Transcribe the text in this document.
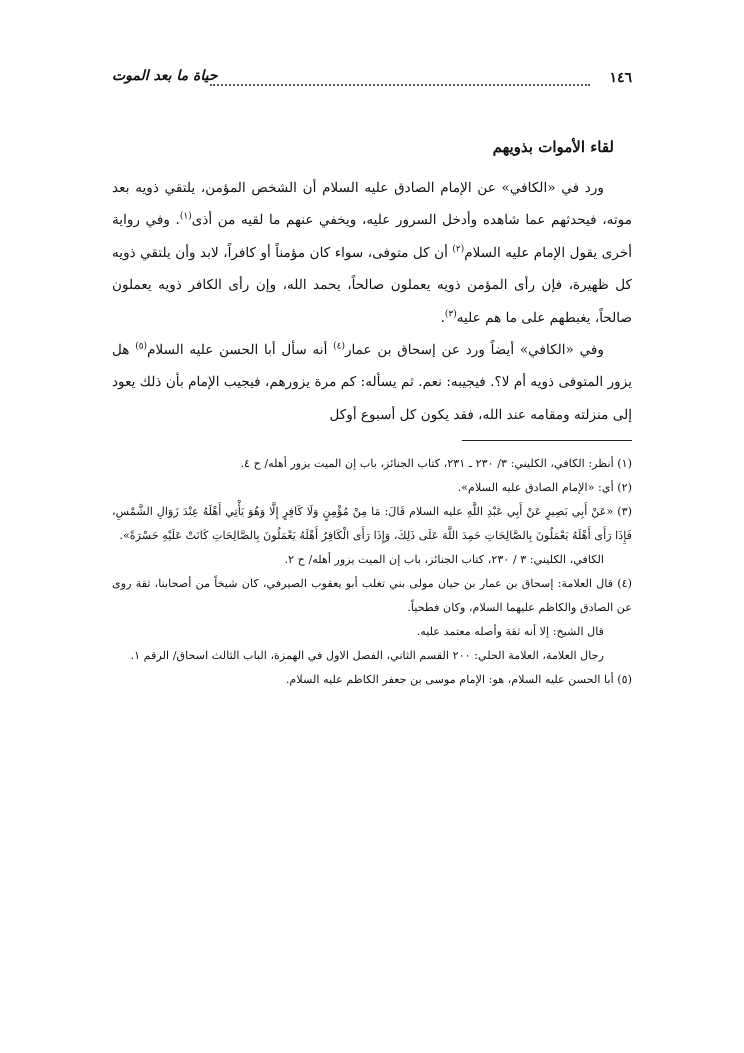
١٤٦
حياة ما بعد الموت
لقاء الأموات بذويهم

ورد في «الكافي» عن الإمام الصادق عليه السلام أن الشخص المؤمن، يلتقي ذويه بعد موته، فيحدثهم عما شاهده وأدخل السرور عليه، ويخفي عنهم ما لقيه من أذى$^{(١)}$. وفي رواية أخرى يقول الإمام عليه السلام$^{(٢)}$ أن كل متوفى، سواء كان مؤمناً أو كافراً، لابد وأن يلتقي ذويه كل ظهيرة، فإن رأى المؤمن ذويه يعملون صالحاً، يحمد الله، وإن رأى الكافر ذويه يعملون صالحاً، يغبطهم على ما هم عليه$^{(٣)}$.

وفي «الكافي» أيضاً ورد عن إسحاق بن عمار$^{(٤)}$ أنه سأل أبا الحسن عليه السلام$^{(٥)}$ هل يزور المتوفى ذويه أم لا؟. فيجيبه: نعم. ثم يسأله: كم مرة يزورهم، فيجيب الإمام بأن ذلك يعود إلى منزلته ومقامه عند الله، فقد يكون كل أسبوع أوكل

(١) أنظر: الكافي، الكليني: ٣/ ٢٣٠ ـ ٢٣١، كتاب الجنائز، باب إن الميت يزور أهله/ ح ٤.

(٢) أي: «الإمام الصادق عليه السلام».

(٣) «عَنْ أَبِي بَصِيرٍ عَنْ أَبِي عَبْدِ اللَّهِ عليه السلام قَالَ: مَا مِنْ مُؤْمِنٍ وَلَا كَافِرٍ إِلَّا وَهُوَ يَأْتِي أَهْلَهُ عِنْدَ زَوَالِ الشَّمْسِ، فَإِذَا رَأَى أَهْلَهُ يَعْمَلُونَ بِالصَّالِحَاتِ حَمِدَ اللَّهَ عَلَى ذَلِكَ، وَإِذَا رَأَى الْكَافِرُ أَهْلَهُ يَعْمَلُونَ بِالصَّالِحَاتِ كَانَتْ عَلَيْهِ حَسْرَةً».

الكافي، الكليني: ٣ / ٢٣٠، كتاب الجنائز، باب إن الميت يزور أهله/ ح ٢.

(٤) قال العلامة: إسحاق بن عمار بن حيان مولى بني تغلب أبو يعقوب الصيرفي، كان شيخاً من أصحابنا، ثقة روى عن الصادق والكاظم عليهما السلام، وكان فطحياً.

قال الشيخ: إلا أنه ثقة وأصله معتمد عليه.

رجال العلامة، العلامة الحلي: ٢٠٠ القسم الثاني، الفصل الاول في الهمزة، الباب الثالث اسحاق/ الرقم ١.

(٥) أبا الحسن عليه السلام، هو: الإمام موسى بن جعفر الكاظم عليه السلام.
